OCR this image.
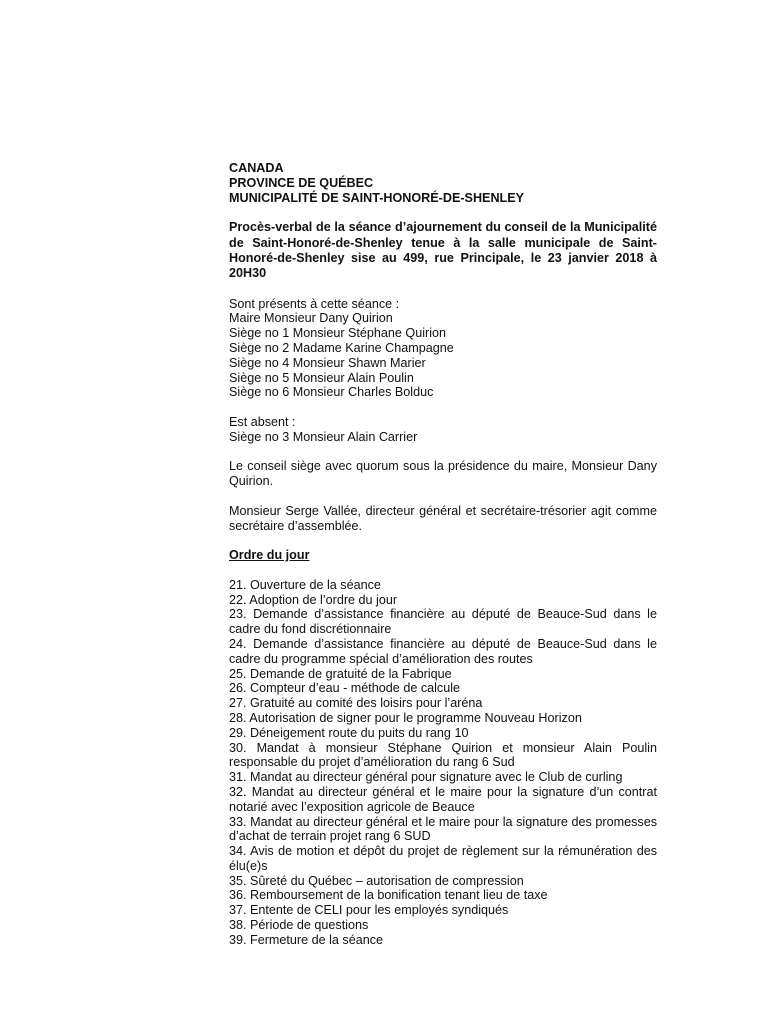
CANADA
PROVINCE DE QUÉBEC
MUNICIPALITÉ DE SAINT-HONORÉ-DE-SHENLEY
Procès-verbal de la séance d’ajournement du conseil de la Municipalité de Saint-Honoré-de-Shenley tenue à la salle municipale de Saint-Honoré-de-Shenley sise au 499, rue Principale, le 23 janvier 2018 à 20H30
Sont présents à cette séance :
Maire Monsieur Dany Quirion
Siège no 1 Monsieur Stéphane Quirion
Siège no 2 Madame Karine Champagne
Siège no 4 Monsieur Shawn Marier
Siège no 5 Monsieur Alain Poulin
Siège no 6 Monsieur Charles Bolduc
Est absent :
Siège no 3 Monsieur Alain Carrier
Le conseil siège avec quorum sous la présidence du maire, Monsieur Dany Quirion.
Monsieur Serge Vallée, directeur général et secrétaire-trésorier agit comme secrétaire d’assemblée.
Ordre du jour
21. Ouverture de la séance
22. Adoption de l’ordre du jour
23. Demande d’assistance financière au député de Beauce-Sud dans le cadre du fond discrétionnaire
24. Demande d’assistance financière au député de Beauce-Sud dans le cadre du programme spécial d’amélioration des routes
25. Demande de gratuité de la Fabrique
26. Compteur d’eau - méthode de calcule
27. Gratuité au comité des loisirs pour l’aréna
28. Autorisation de signer pour le programme Nouveau Horizon
29. Déneigement route du puits du rang 10
30. Mandat à monsieur Stéphane Quirion et monsieur Alain Poulin responsable du projet d’amélioration du rang 6 Sud
31. Mandat au directeur général pour signature avec le Club de curling
32. Mandat au directeur général et le maire pour la signature d’un contrat notarié avec l’exposition agricole de Beauce
33. Mandat au directeur général et le maire pour la signature des promesses d’achat de terrain projet rang 6 SUD
34. Avis de motion et dépôt du projet de règlement sur la rémunération des élu(e)s
35. Sûreté du Québec – autorisation de compression
36. Remboursement de la bonification tenant lieu de taxe
37. Entente de CELI pour les employés syndiqués
38. Période de questions
39. Fermeture de la séance
